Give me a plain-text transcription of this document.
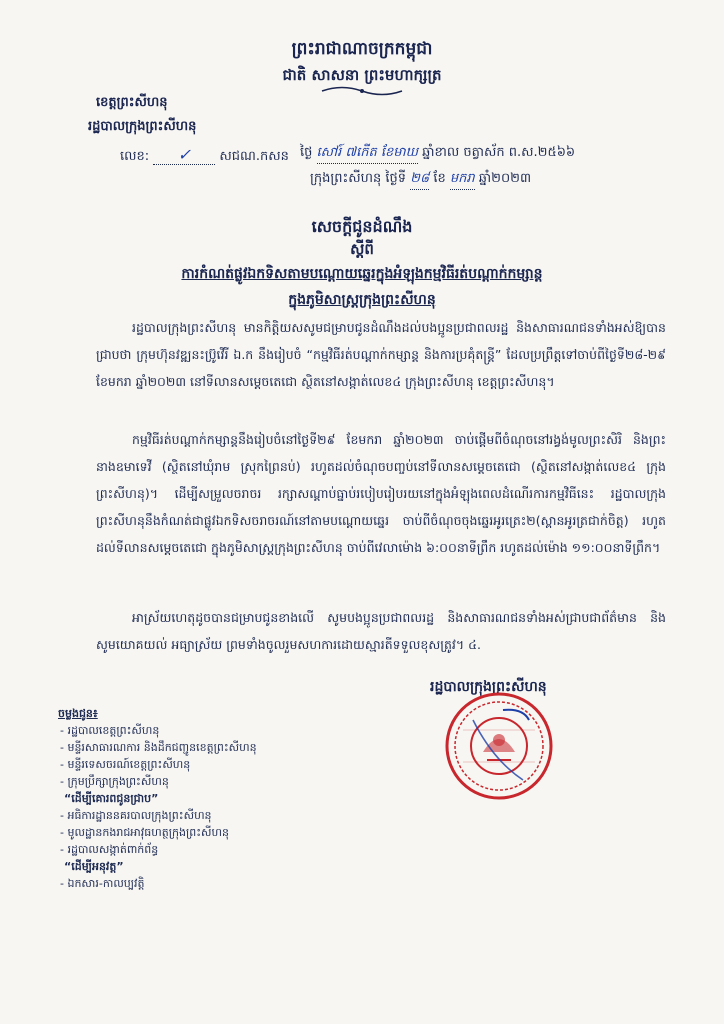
ព្រះរាជាណាចក្រកម្ពុជា
ជាតិ សាសនា ព្រះមហាក្សត្រ
ខេត្តព្រះសីហនុ
រដ្ឋបាលក្រុងព្រះសីហនុ
លេខ: ✓ សជណ.កសន ថ្ងៃ សៅរ៍ ៧កើត ខែមាឃ ឆ្នាំខាល ចត្វាស័ក ព.ស.២៥៦៦
ក្រុងព្រះសីហនុ ថ្ងៃទី ២៨ ខែ មករា ឆ្នាំ២០២៣
សេចក្តីជូនដំណឹង
ស្តីពី
ការកំណត់ផ្លូវឯកទិសតាមបណ្តោយឆ្នេរក្នុងអំឡុងកម្មវិធីរត់បណ្តាក់កម្សាន្ត
ក្នុងភូមិសាស្ត្រក្រុងព្រះសីហនុ
រដ្ឋបាលក្រុងព្រះសីហនុ មានកិត្តិយសសូមជម្រាបជូនដំណឹងដល់បងប្អូនប្រជាពលរដ្ឋ និងសាធារណជនទាំងអស់ឱ្យបានជ្រាបថា ក្រុមហ៊ុនវឌ្ឍនះប្រ៊ូវើរី ឯ.ក នឹងរៀបចំ “កម្មវិធីរត់បណ្តាក់កម្សាន្ត និងការប្រគុំតន្ត្រី” ដែលប្រព្រឹត្តទៅចាប់ពីថ្ងៃទី២៨-២៩ ខែមករា ឆ្នាំ២០២៣ នៅទីលានសម្តេចតេជោ ស្ថិតនៅសង្កាត់លេខ៤ ក្រុងព្រះសីហនុ ខេត្តព្រះសីហនុ។
កម្មវិធីរត់បណ្តាក់កម្សាន្តនឹងរៀបចំនៅថ្ងៃទី២៩ ខែមករា ឆ្នាំ២០២៣ ចាប់ផ្តើមពីចំណុចនៅរង្វង់មូលព្រះសិរិ និងព្រះនាងឧមាទេវី (ស្ថិតនៅឃុំរាម ស្រុកព្រៃនប់) រហូតដល់ចំណុចបញ្ចប់នៅទីលានសម្តេចតេជោ (ស្ថិតនៅសង្កាត់លេខ៤ ក្រុងព្រះសីហនុ)។ ដើម្បីសម្រួលចរាចរ រក្សាសណ្តាប់ធ្នាប់របៀបរៀបរយនៅក្នុងអំឡុងពេលដំណើរការកម្មវិធីនេះ រដ្ឋបាលក្រុងព្រះសីហនុនឹងកំណត់ជាផ្លូវឯកទិសចរាចរណ៍នៅតាមបណ្តោយឆ្នេរ ចាប់ពីចំណុចចុងឆ្នេរអូរត្រេះ២(ស្ពានអូរត្រជាក់ចិត្ត) រហូតដល់ទីលានសម្តេចតេជោ ក្នុងភូមិសាស្ត្រក្រុងព្រះសីហនុ ចាប់ពីវេលាម៉ោង ៦:០០នាទីព្រឹក រហូតដល់ម៉ោង ១១:០០នាទីព្រឹក។
អាស្រ័យហេតុដូចបានជម្រាបជូនខាងលើ សូមបងប្អូនប្រជាពលរដ្ឋ និងសាធារណជនទាំងអស់ជ្រាបជាព័ត៌មាន និងសូមយោគយល់ អធ្យាស្រ័យ ព្រមទាំងចូលរួមសហការដោយស្មារតីទទួលខុសត្រូវ។ ៤.
រដ្ឋបាលក្រុងព្រះសីហនុ
ចម្លងជូន៖
- រដ្ឋបាលខេត្តព្រះសីហនុ
- មន្ទីរសាធារណការ និងដឹកជញ្ជូនខេត្តព្រះសីហនុ
- មន្ទីរទេសចរណ៍ខេត្តព្រះសីហនុ
- ក្រុមប្រឹក្សាក្រុងព្រះសីហនុ
“ដើម្បីគោរពជូនជ្រាប”
- អធិការដ្ឋាននគរបាលក្រុងព្រះសីហនុ
- មូលដ្ឋានកងរាជអាវុធហត្ថក្រុងព្រះសីហនុ
- រដ្ឋបាលសង្កាត់ពាក់ព័ន្ធ
“ដើម្បីអនុវត្ត”
- ឯកសារ-កាលប្បវត្តិ
